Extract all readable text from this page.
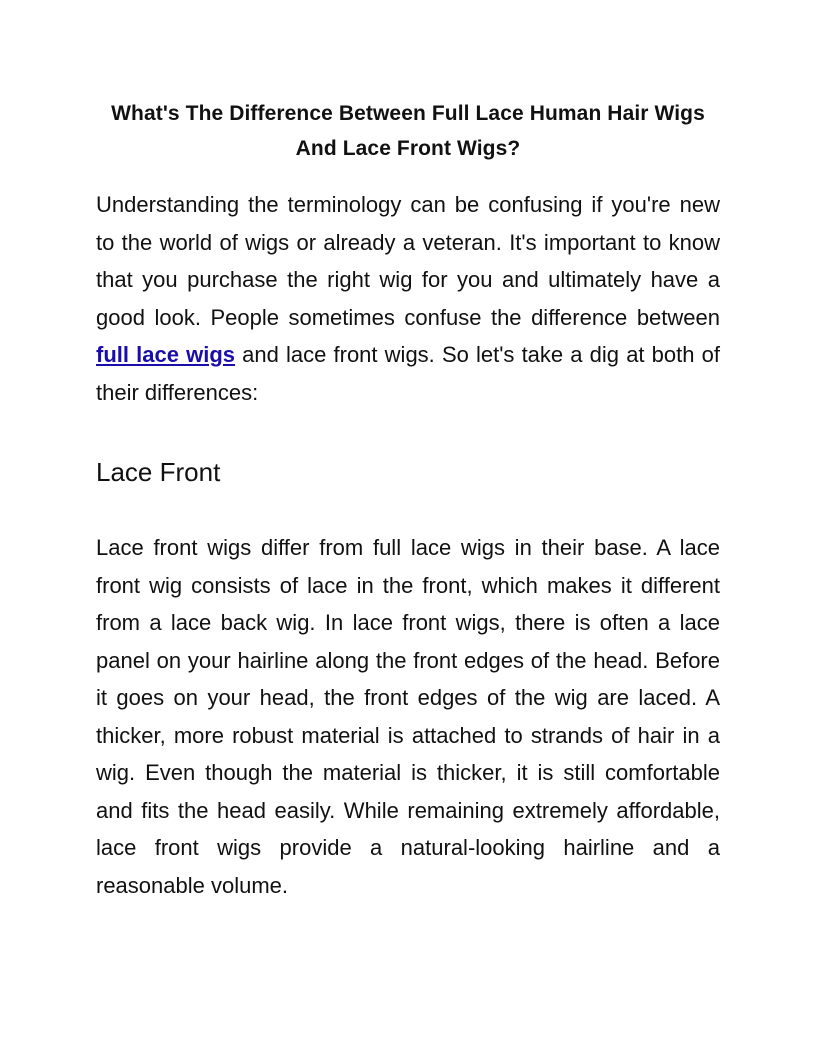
What's The Difference Between Full Lace Human Hair Wigs And Lace Front Wigs?

Understanding the terminology can be confusing if you're new to the world of wigs or already a veteran. It's important to know that you purchase the right wig for you and ultimately have a good look. People sometimes confuse the difference between full lace wigs and lace front wigs. So let's take a dig at both of their differences:

Lace Front

Lace front wigs differ from full lace wigs in their base. A lace front wig consists of lace in the front, which makes it different from a lace back wig. In lace front wigs, there is often a lace panel on your hairline along the front edges of the head. Before it goes on your head, the front edges of the wig are laced. A thicker, more robust material is attached to strands of hair in a wig. Even though the material is thicker, it is still comfortable and fits the head easily. While remaining extremely affordable, lace front wigs provide a natural-looking hairline and a reasonable volume.
